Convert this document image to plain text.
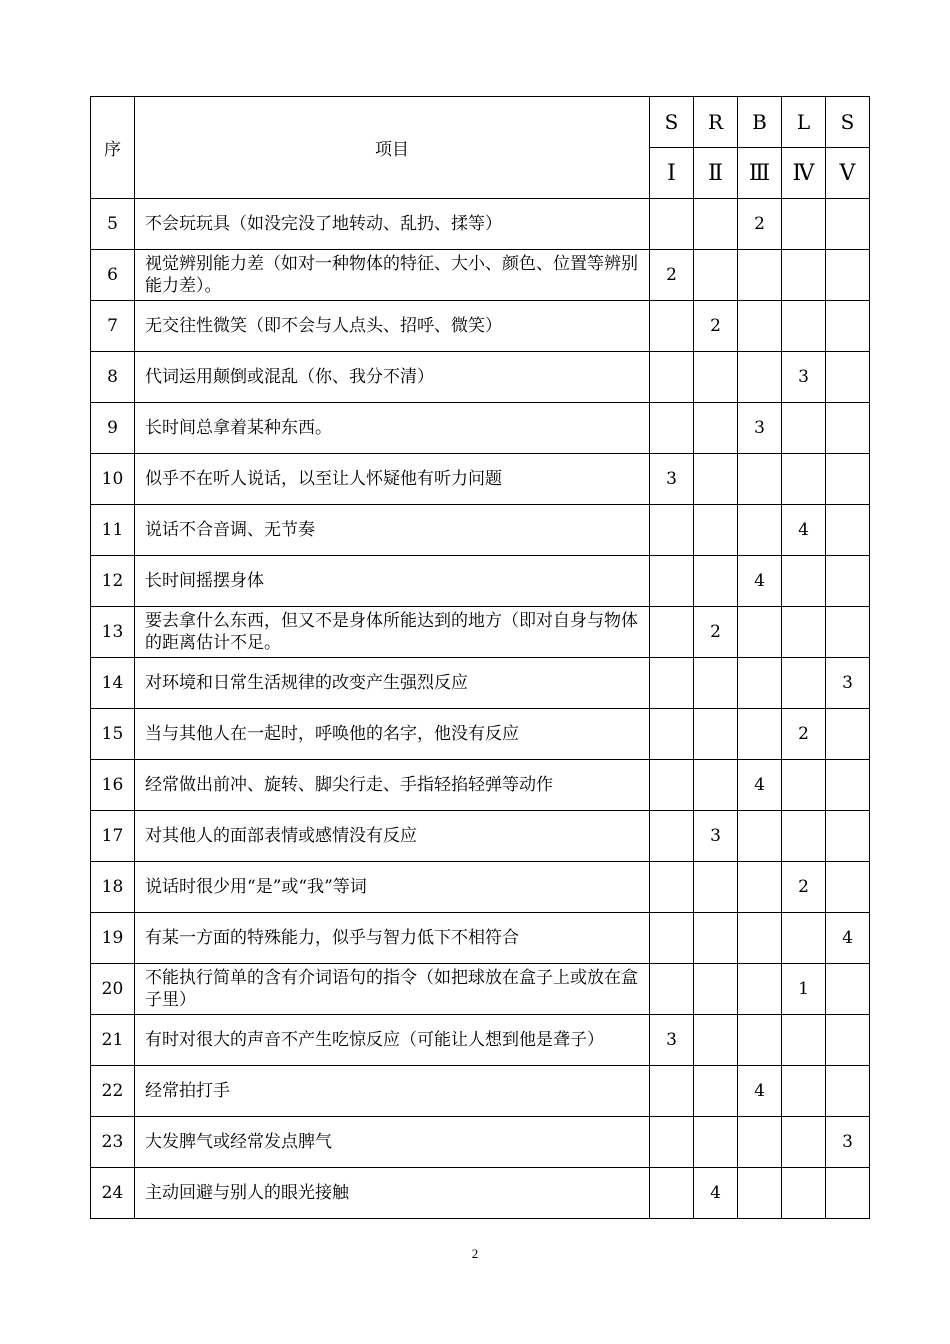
序	项目	S	R	B	L	S
		Ⅰ	Ⅱ	Ⅲ	Ⅳ	Ⅴ
5	不会玩玩具（如没完没了地转动、乱扔、揉等）			2		
6	视觉辨别能力差（如对一种物体的特征、大小、颜色、位置等辨别能力差）。	2				
7	无交往性微笑（即不会与人点头、招呼、微笑）		2			
8	代词运用颠倒或混乱（你、我分不清）				3	
9	长时间总拿着某种东西。			3		
10	似乎不在听人说话，以至让人怀疑他有听力问题	3				
11	说话不合音调、无节奏				4	
12	长时间摇摆身体			4		
13	要去拿什么东西，但又不是身体所能达到的地方（即对自身与物体的距离估计不足。		2			
14	对环境和日常生活规律的改变产生强烈反应					3
15	当与其他人在一起时，呼唤他的名字，他没有反应				2	
16	经常做出前冲、旋转、脚尖行走、手指轻掐轻弹等动作			4		
17	对其他人的面部表情或感情没有反应		3			
18	说话时很少用“是”或“我”等词				2	
19	有某一方面的特殊能力，似乎与智力低下不相符合					4
20	不能执行简单的含有介词语句的指令（如把球放在盒子上或放在盒子里）				1	
21	有时对很大的声音不产生吃惊反应（可能让人想到他是聋子）	3				
22	经常拍打手			4		
23	大发脾气或经常发点脾气					3
24	主动回避与别人的眼光接触		4			
2
